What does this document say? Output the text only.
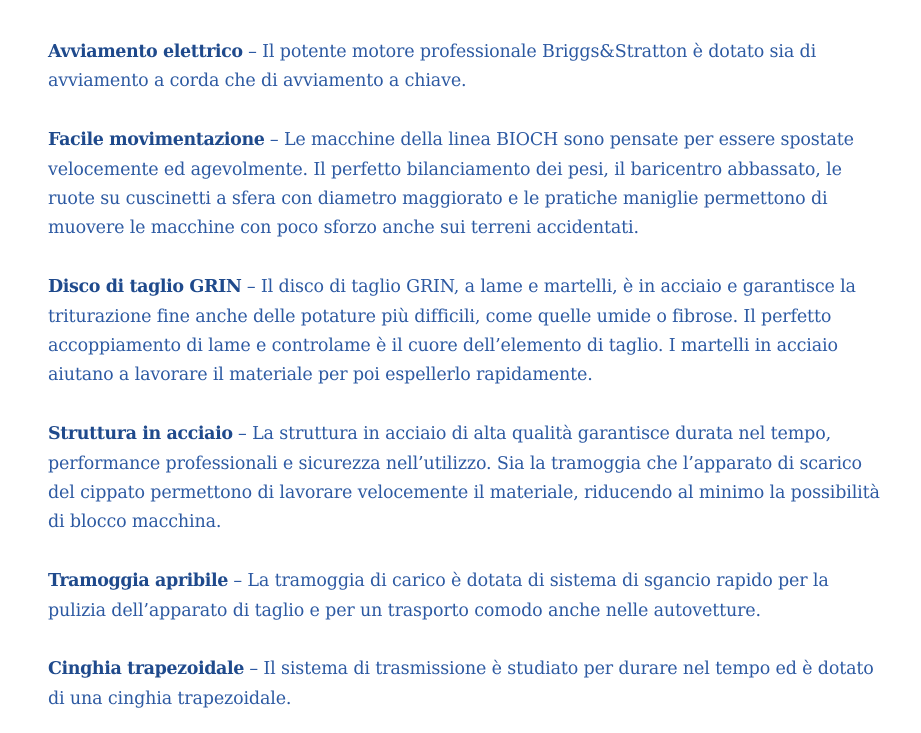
Avviamento elettrico – Il potente motore professionale Briggs&Stratton è dotato sia di avviamento a corda che di avviamento a chiave.

Facile movimentazione – Le macchine della linea BIOCH sono pensate per essere spostate velocemente ed agevolmente. Il perfetto bilanciamento dei pesi, il baricentro abbassato, le ruote su cuscinetti a sfera con diametro maggiorato e le pratiche maniglie permettono di muovere le macchine con poco sforzo anche sui terreni accidentati.

Disco di taglio GRIN – Il disco di taglio GRIN, a lame e martelli, è in acciaio e garantisce la triturazione fine anche delle potature più difficili, come quelle umide o fibrose. Il perfetto accoppiamento di lame e controlame è il cuore dell’elemento di taglio. I martelli in acciaio aiutano a lavorare il materiale per poi espellerlo rapidamente.

Struttura in acciaio – La struttura in acciaio di alta qualità garantisce durata nel tempo, performance professionali e sicurezza nell’utilizzo. Sia la tramoggia che l’apparato di scarico del cippato permettono di lavorare velocemente il materiale, riducendo al minimo la possibilità di blocco macchina.

Tramoggia apribile – La tramoggia di carico è dotata di sistema di sgancio rapido per la pulizia dell’apparato di taglio e per un trasporto comodo anche nelle autovetture.

Cinghia trapezoidale – Il sistema di trasmissione è studiato per durare nel tempo ed è dotato di una cinghia trapezoidale.
